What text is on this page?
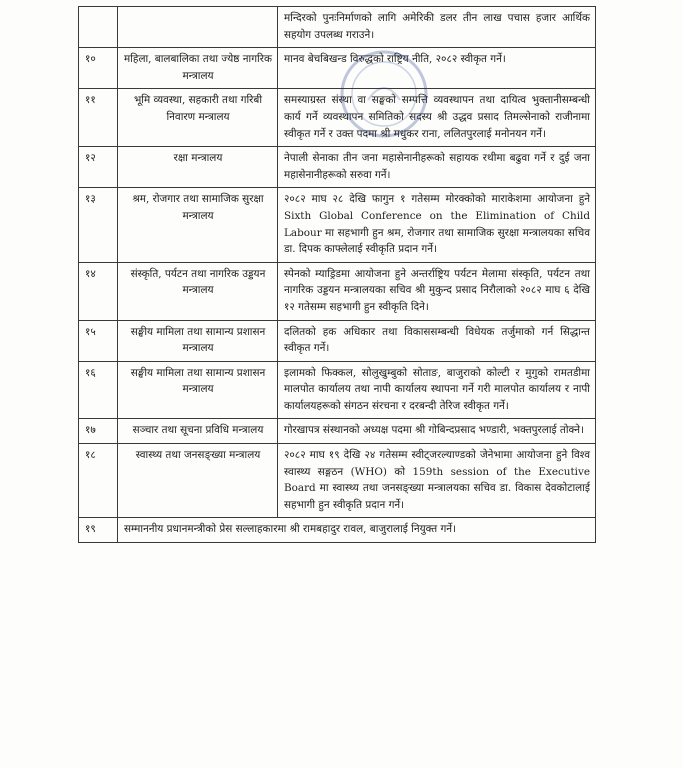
		मन्दिरको पुनःनिर्माणको लागि अमेरिकी डलर तीन लाख पचास हजार आर्थिक सहयोग उपलब्ध गराउने।
१०	महिला, बालबालिका तथा ज्येष्ठ नागरिक मन्त्रालय	मानव बेचबिखन्ड विरुद्धको राष्ट्रिय नीति, २०८२ स्वीकृत गर्ने।
११	भूमि व्यवस्था, सहकारी तथा गरिबी निवारण मन्त्रालय	समस्याग्रस्त संस्था वा सङ्घको सम्पत्ति व्यवस्थापन तथा दायित्व भुक्तानीसम्बन्धी कार्य गर्ने व्यवस्थापन समितिको सदस्य श्री उद्धव प्रसाद तिमल्सेनाको राजीनामा स्वीकृत गर्ने र उक्त पदमा श्री मधुकर राना, ललितपुरलाई मनोनयन गर्ने।
१२	रक्षा मन्त्रालय	नेपाली सेनाका तीन जना महासेनानीहरूको सहायक रथीमा बढुवा गर्ने र दुई जना महासेनानीहरूको सरुवा गर्ने।
१३	श्रम, रोजगार तथा सामाजिक सुरक्षा मन्त्रालय	२०८२ माघ २८ देखि फागुन १ गतेसम्म मोरक्कोको माराकेशमा आयोजना हुने Sixth Global Conference on the Elimination of Child Labour मा सहभागी हुन श्रम, रोजगार तथा सामाजिक सुरक्षा मन्त्रालयका सचिव डा. दिपक काफ्लेलाई स्वीकृति प्रदान गर्ने।
१४	संस्कृति, पर्यटन तथा नागरिक उड्डयन मन्त्रालय	स्पेनको म्याड्रिडमा आयोजना हुने अन्तर्राष्ट्रिय पर्यटन मेलामा संस्कृति, पर्यटन तथा नागरिक उड्डयन मन्त्रालयका सचिव श्री मुकुन्द प्रसाद निरौलाको २०८२ माघ ६ देखि १२ गतेसम्म सहभागी हुन स्वीकृति दिने।
१५	सङ्घीय मामिला तथा सामान्य प्रशासन मन्त्रालय	दलितको हक अधिकार तथा विकाससम्बन्धी विधेयक तर्जुमाको गर्न सिद्धान्त स्वीकृत गर्ने।
१६	सङ्घीय मामिला तथा सामान्य प्रशासन मन्त्रालय	इलामको फिक्कल, सोलुखुम्बुको सोताङ, बाजुराको कोल्टी र मुगुको रामतडीमा मालपोत कार्यालय तथा नापी कार्यालय स्थापना गर्ने गरी मालपोत कार्यालय र नापी कार्यालयहरूको संगठन संरचना र दरबन्दी तेरिज स्वीकृत गर्ने।
१७	सञ्चार तथा सूचना प्रविधि मन्त्रालय	गोरखापत्र संस्थानको अध्यक्ष पदमा श्री गोबिन्दप्रसाद भण्डारी, भक्तपुरलाई तोक्ने।
१८	स्वास्थ्य तथा जनसङ्ख्या मन्त्रालय	२०८२ माघ १९ देखि २४ गतेसम्म स्वीट्जरल्याण्डको जेनेभामा आयोजना हुने विश्व स्वास्थ्य सङ्गठन (WHO) को 159th session of the Executive Board मा स्वास्थ्य तथा जनसङ्ख्या मन्त्रालयका सचिव डा. विकास देवकोटालाई सहभागी हुन स्वीकृति प्रदान गर्ने।
१९	सम्माननीय प्रधानमन्त्रीको प्रेस सल्लाहकारमा श्री रामबहादुर रावल, बाजुरालाई नियुक्त गर्ने।	
